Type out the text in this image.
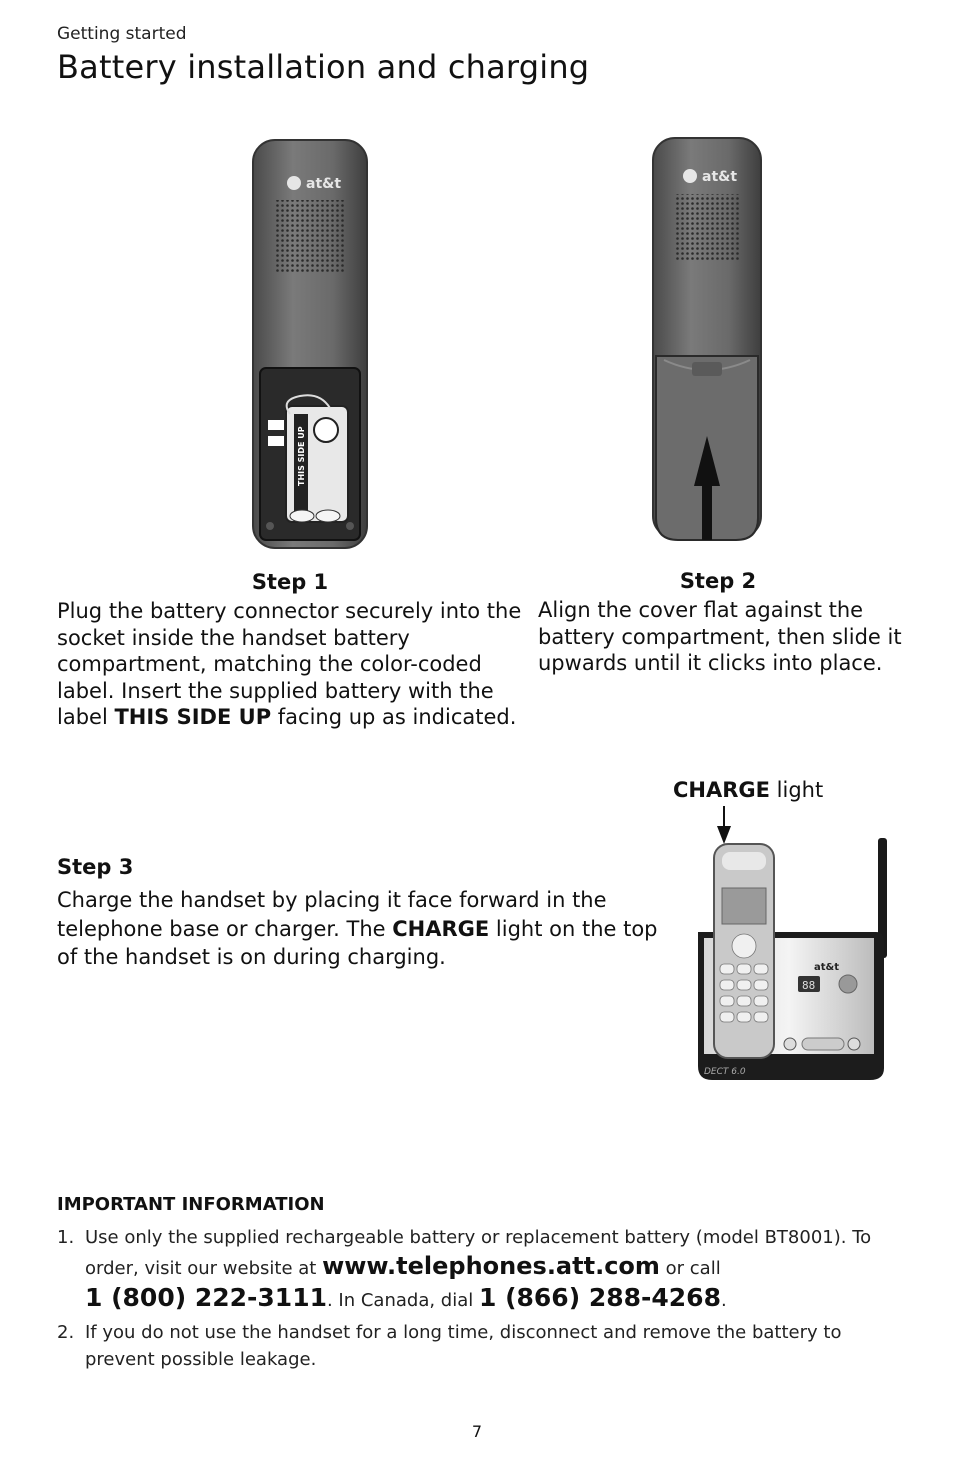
Getting started
Battery installation and charging
THIS SIDE UP
at&t	at&t
Step 1
Plug the battery connector securely into the socket inside the handset battery compartment, matching the color-coded label. Insert the supplied battery with the label THIS SIDE UP facing up as indicated.
Step 2
Align the cover flat against the battery compartment, then slide it upwards until it clicks into place.
CHARGE light
Step 3
Charge the handset by placing it face forward in the telephone base or charger. The CHARGE light on the top of the handset is on during charging.
88
at&t
DECT 6.0
IMPORTANT INFORMATION
1. Use only the supplied rechargeable battery or replacement battery (model BT8001). To order, visit our website at www.telephones.att.com or call
1 (800) 222-3111. In Canada, dial 1 (866) 288-4268.
2. If you do not use the handset for a long time, disconnect and remove the battery to prevent possible leakage.
7
